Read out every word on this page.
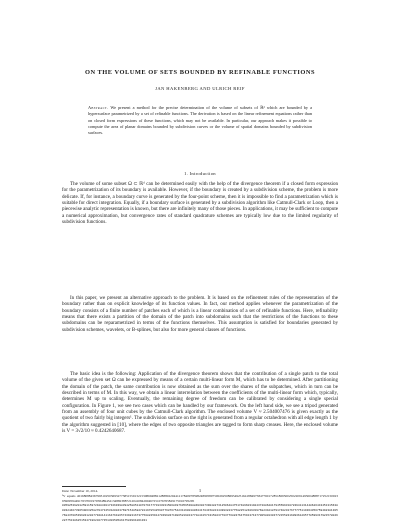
ON THE VOLUME OF SETS BOUNDED BY REFINABLE FUNCTIONS
JAN HAKENBERG AND ULRICH REIF
Abstract. We present a method for the precise determination of the volume of subsets of ℝᵈ which are bounded by a hypersurface parametrized by a set of refinable functions. The derivation is based on the linear refinement equations rather than on closed form expressions of these functions, which may not be available. In particular, our approach makes it possible to compute the area of planar domains bounded by subdivision curves or the volume of spatial domains bounded by subdivision surfaces.
1. Introduction

The volume of some subset Ω ⊂ ℝᵈ can be determined easily with the help of the divergence theorem if a closed form expression for the parametrization of its boundary is available. However, if the boundary is created by a subdivision scheme, the problem is more delicate. If, for instance, a boundary curve is generated by the four-point scheme, then it is impossible to find a parametrization which is suitable for direct integration. Equally, if a boundary surface is generated by a subdivision algorithm like Catmull-Clark or Loop, then a piecewise analytic representation is known, but there are infinitely many of those pieces. In applications, it may be sufficient to compute a numerical approximation, but convergence rates of standard quadrature schemes are typically low due to the limited regularity of subdivision functions.

In this paper, we present an alternative approach to the problem. It is based on the refinement rules of the representation of the boundary rather than on explicit knowledge of its function values. In fact, our method applies whenever the parametrization of the boundary consists of a finite number of patches each of which is a linear combination of a set of refinable functions. Here, refinability means that there exists a partition of the domain of the patch into subdomains such that the restrictions of the functions to these subdomains can be reparametrized in terms of the functions themselves. This assumption is satisfied for boundaries generated by subdivision schemes, wavelets, or B-splines, but also for more general classes of functions.

The basic idea is the following: Application of the divergence theorem shows that the contribution of a single patch to the total volume of the given set Ω can be expressed by means of a certain multi-linear form M, which has to be determined. After partitioning the domain of the patch, the same contribution is now obtained as the sum over the shares of the subpatches, which in turn can be described in terms of M. In this way, we obtain a linear interrelation between the coefficients of the multi-linear form which, typically, determines M up to scaling. Eventually, the remaining degree of freedom can be calibrated by considering a single special configuration. In Figure 1, we see two cases which can be handled by our framework. On the left hand side, we see a tripod generated from an assembly of four unit cubes by the Catmull-Clark algorithm. The enclosed volume V ≈ 2.504007476 is given exactly as the quotient of two fairly big integers¹. The subdivision surface on the right is generated from a regular octahedron with all edge length 1 by the algorithm suggested in [10], where the edges of two opposite triangles are tagged to form sharp creases. Here, the enclosed volume is V = 3√2/10 ≈ 0.4242640687.

Date: November 10, 2014.

¹V equals 4016808843679931025056932773851559132153086948821288802204412178409785982489058075002925086954925164188497584776017285186950025022091493004888717252150023959095944917637001970584894321348823887212041084260467251076765829175016795295

0059253920125911597210843017346939839425805110707917771933031506849763595308849302739048273125064847517489603192437208648179455993107839411314486264434513156380032446739654063258270473453120043769715485827811978542590776876754231160018063417041588134499322377582251240931976823421879174023276777751193643567594923813057684370053968312027794814116476186574398316737750822591470396837198652190137718441574315023770377688376475913713770058013037721558316093612957785993179215780462877513862515347196232773513035058617583961061931

1
